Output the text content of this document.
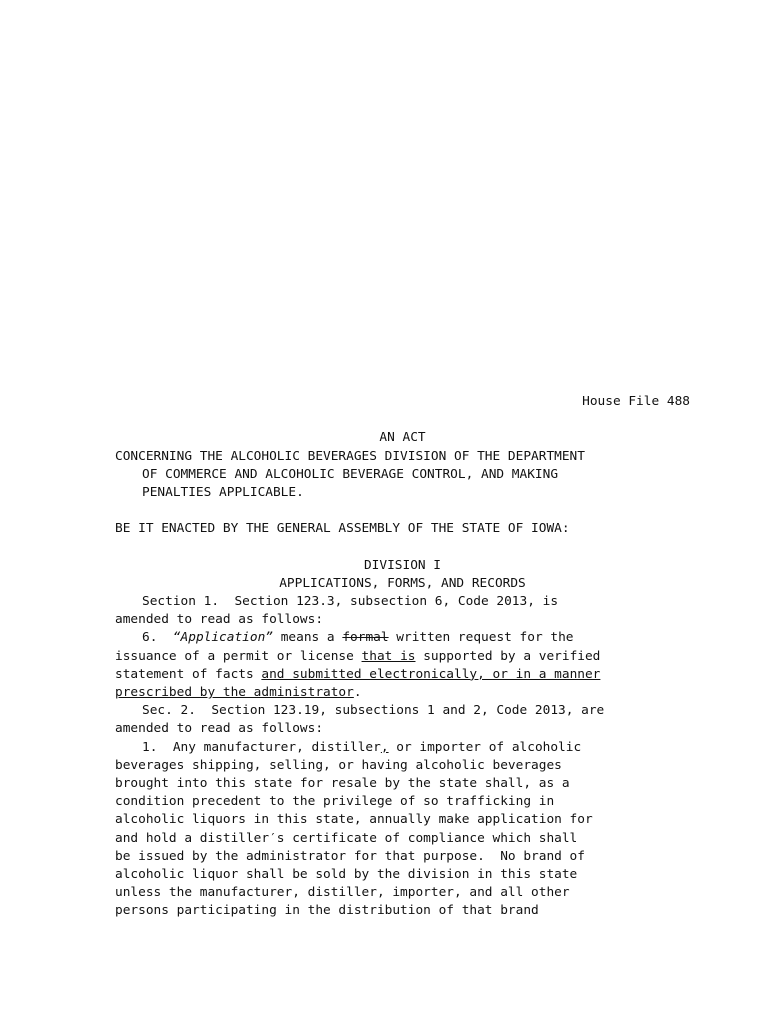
House File 488
AN ACT
CONCERNING THE ALCOHOLIC BEVERAGES DIVISION OF THE DEPARTMENT
OF COMMERCE AND ALCOHOLIC BEVERAGE CONTROL, AND MAKING
PENALTIES APPLICABLE.
BE IT ENACTED BY THE GENERAL ASSEMBLY OF THE STATE OF IOWA:
DIVISION I
APPLICATIONS, FORMS, AND RECORDS
Section 1.  Section 123.3, subsection 6, Code 2013, is
amended to read as follows:
6.  “Application” means a formal written request for the
issuance of a permit or license that is supported by a verified
statement of facts and submitted electronically, or in a manner
prescribed by the administrator.
Sec. 2.  Section 123.19, subsections 1 and 2, Code 2013, are
amended to read as follows:
1.  Any manufacturer, distiller, or importer of alcoholic
beverages shipping, selling, or having alcoholic beverages
brought into this state for resale by the state shall, as a
condition precedent to the privilege of so trafficking in
alcoholic liquors in this state, annually make application for
and hold a distiller′s certificate of compliance which shall
be issued by the administrator for that purpose.  No brand of
alcoholic liquor shall be sold by the division in this state
unless the manufacturer, distiller, importer, and all other
persons participating in the distribution of that brand
